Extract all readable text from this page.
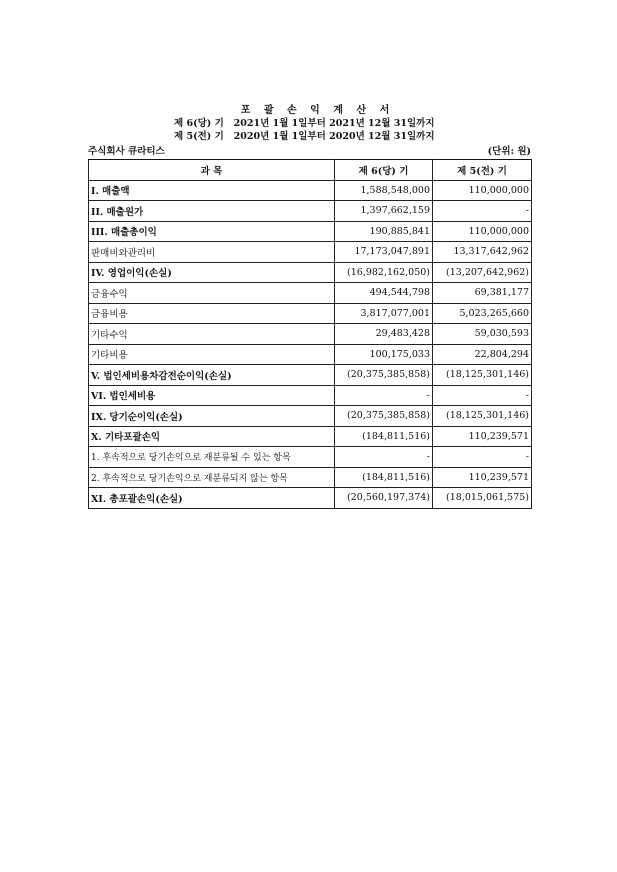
포 괄 손 익 계 산 서
제 6(당) 기   2021년 1월 1일부터 2021년 12월 31일까지
제 5(전) 기   2020년 1월 1일부터 2020년 12월 31일까지
주식회사 큐라티스	(단위: 원)
과 목	제 6(당) 기	제 5(전) 기
I. 매출액	1,588,548,000	110,000,000
II. 매출원가	1,397,662,159	-
III. 매출총이익	190,885,841	110,000,000
판매비와관리비	17,173,047,891	13,317,642,962
IV. 영업이익(손실)	(16,982,162,050)	(13,207,642,962)
금융수익	494,544,798	69,381,177
금융비용	3,817,077,001	5,023,265,660
기타수익	29,483,428	59,030,593
기타비용	100,175,033	22,804,294
V. 법인세비용차감전순이익(손실)	(20,375,385,858)	(18,125,301,146)
VI. 법인세비용	-	-
IX. 당기순이익(손실)	(20,375,385,858)	(18,125,301,146)
X. 기타포괄손익	(184,811,516)	110,239,571
1. 후속적으로 당기손익으로 재분류될 수 있는 항목	-	-
2. 후속적으로 당기손익으로 재분류되지 않는 항목	(184,811,516)	110,239,571
XI. 총포괄손익(손실)	(20,560,197,374)	(18,015,061,575)
